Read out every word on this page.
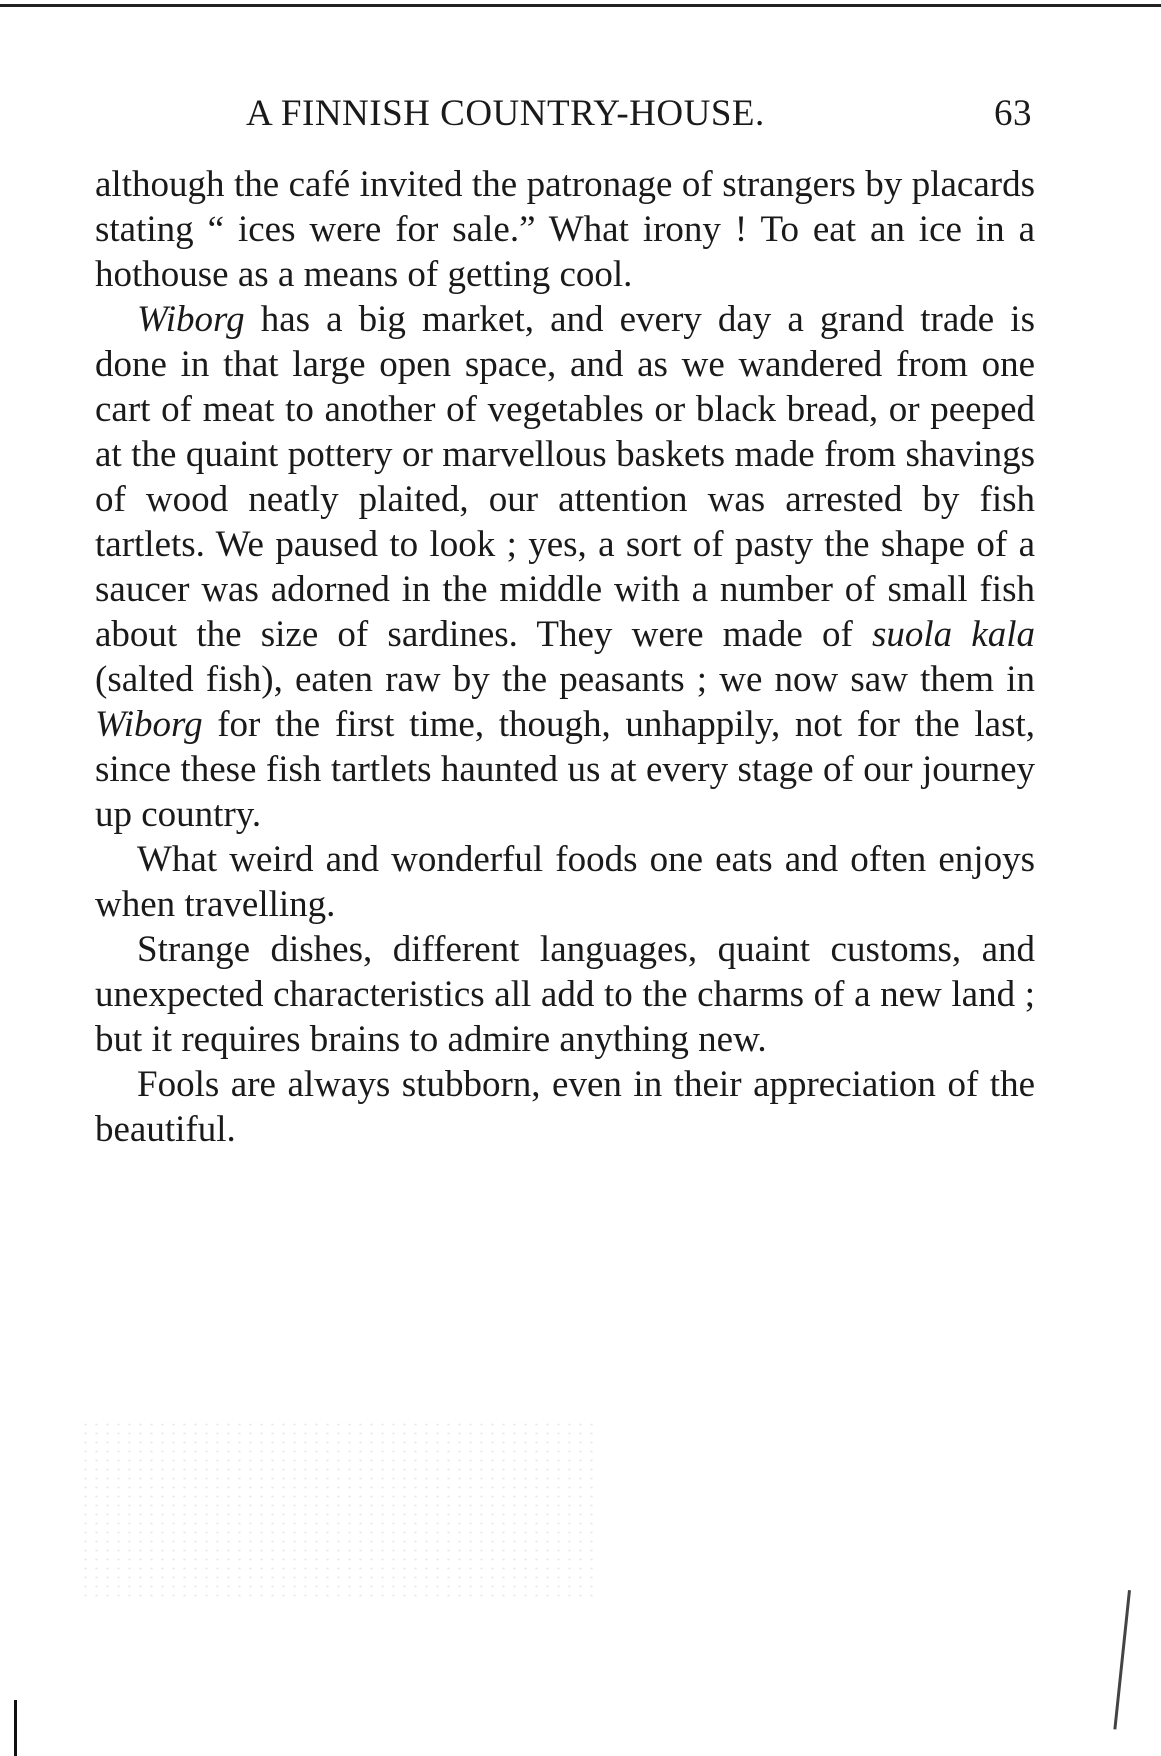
A FINNISH COUNTRY-HOUSE.	63

although the café invited the patronage of strangers by placards stating “ ices were for sale.” What irony ! To eat an ice in a hothouse as a means of getting cool.

Wiborg has a big market, and every day a grand trade is done in that large open space, and as we wandered from one cart of meat to another of vegetables or black bread, or peeped at the quaint pottery or marvellous baskets made from shavings of wood neatly plaited, our attention was arrested by fish tartlets. We paused to look ; yes, a sort of pasty the shape of a saucer was adorned in the middle with a number of small fish about the size of sardines. They were made of suola kala (salted fish), eaten raw by the peasants ; we now saw them in Wiborg for the first time, though, unhappily, not for the last, since these fish tartlets haunted us at every stage of our journey up country.

What weird and wonderful foods one eats and often enjoys when travelling.

Strange dishes, different languages, quaint customs, and unexpected characteristics all add to the charms of a new land ; but it requires brains to admire anything new.

Fools are always stubborn, even in their appreciation of the beautiful.
